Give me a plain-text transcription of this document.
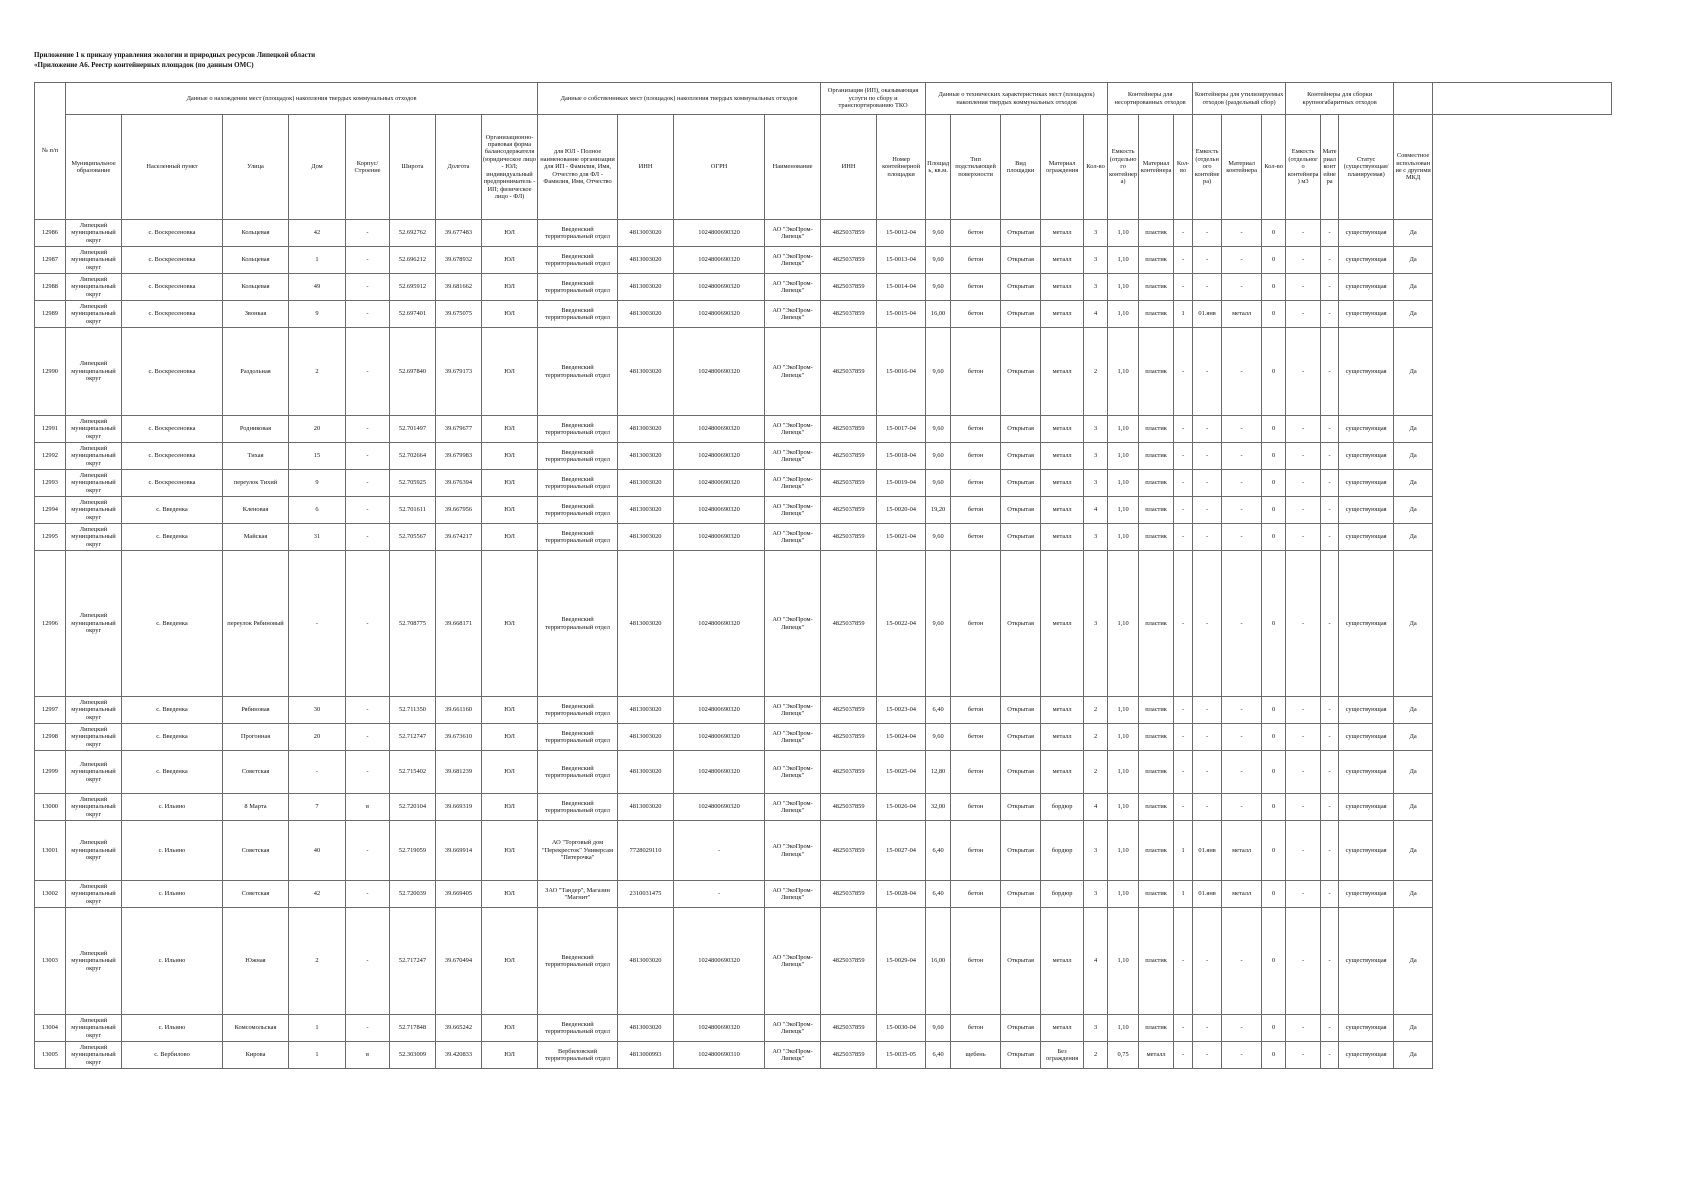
Приложение 1 к приказу управления экологии и природных ресурсов Липецкой области
«Приложение А6. Реестр контейнерных площадок (по данным ОМС)
№ п/п	Данные о нахождении мест (площадок) накопления твердых коммунальных отходов								Данные о собственниках мест (площадок) накопления твердых коммунальных отходов				Организация (ИП), оказывающая услуги по сбору и транспортированию ТКО		Данные о технических характеристиках мест (площадок) накопления твердых коммунальных отходов					Контейнеры для несортированных отходов			Контейнеры для утилизируемых отходов (раздельный сбор)			Контейнеры для сборки крупногабаритных отходов				
	Муниципальное образование	Населенный пункт	Улица	Дом	Корпус/Строение	Широта	Долгота	Организационно-правовая форма балансодержателя (юридическое лицо - ЮЛ; индивидуальный предприниматель - ИП; физическое лицо - ФЛ)	для ЮЛ - Полное наименование организации для ИП - Фамилия, Имя, Отчество для ФЛ - Фамилия, Имя, Отчество	ИНН	ОГРН	Наименование	ИНН	Номер контейнерной площадки	Площадь, кв.м.	Тип подстилающей поверхности	Вид площадки	Материал ограждения	Кол-во	Емкость (отдельного контейнера)	Материал контейнера	Кол-во	Емкость (отдельного контейнера)	Материал контейнера	Кол-во	Емкость (отдельного контейнера) м3	Материал контейнера	Статус (существующая/планируемая)	Совместное использование с другими МКД	
12986	Липецкий муниципальный округ	с. Воскресеновка	Кольцевая	42	-	52.692762	39.677483	ЮЛ	Введенский территориальный отдел	4813003020	1024800690320	АО "ЭкоПром-Липецк"	4825037859	15-0012-04	9,60	бетон	Открытая	металл	3	1,10	пластик	-	-	-	0	-	-	существующая	Да	
12987	Липецкий муниципальный округ	с. Воскресеновка	Кольцевая	1	-	52.696212	39.678932	ЮЛ	Введенский территориальный отдел	4813003020	1024800690320	АО "ЭкоПром-Липецк"	4825037859	15-0013-04	9,60	бетон	Открытая	металл	3	1,10	пластик	-	-	-	0	-	-	существующая	Да	
12988	Липецкий муниципальный округ	с. Воскресеновка	Кольцевая	49	-	52.695912	39.681662	ЮЛ	Введенский территориальный отдел	4813003020	1024800690320	АО "ЭкоПром-Липецк"	4825037859	15-0014-04	9,60	бетон	Открытая	металл	3	1,10	пластик	-	-	-	0	-	-	существующая	Да	
12989	Липецкий муниципальный округ	с. Воскресеновка	Звонкая	9	-	52.697401	39.675075	ЮЛ	Введенский территориальный отдел	4813003020	1024800690320	АО "ЭкоПром-Липецк"	4825037859	15-0015-04	16,00	бетон	Открытая	металл	4	1,10	пластик	1	01.янв	металл	0	-	-	существующая	Да	
12990	Липецкий муниципальный округ	с. Воскресеновка	Раздольная	2	-	52.697840	39.679173	ЮЛ	Введенский территориальный отдел	4813003020	1024800690320	АО "ЭкоПром-Липецк"	4825037859	15-0016-04	9,60	бетон	Открытая	металл	2	1,10	пластик	-	-	-	0	-	-	существующая	Да	
12991	Липецкий муниципальный округ	с. Воскресеновка	Родниковая	20	-	52.701497	39.679677	ЮЛ	Введенский территориальный отдел	4813003020	1024800690320	АО "ЭкоПром-Липецк"	4825037859	15-0017-04	9,60	бетон	Открытая	металл	3	1,10	пластик	-	-	-	0	-	-	существующая	Да	
12992	Липецкий муниципальный округ	с. Воскресеновка	Тихая	15	-	52.702664	39.679983	ЮЛ	Введенский территориальный отдел	4813003020	1024800690320	АО "ЭкоПром-Липецк"	4825037859	15-0018-04	9,60	бетон	Открытая	металл	3	1,10	пластик	-	-	-	0	-	-	существующая	Да	
12993	Липецкий муниципальный округ	с. Воскресеновка	переулок Тихий	9	-	52.705925	39.676394	ЮЛ	Введенский территориальный отдел	4813003020	1024800690320	АО "ЭкоПром-Липецк"	4825037859	15-0019-04	9,60	бетон	Открытая	металл	3	1,10	пластик	-	-	-	0	-	-	существующая	Да	
12994	Липецкий муниципальный округ	с. Введенка	Кленовая	6	-	52.701611	39.667956	ЮЛ	Введенский территориальный отдел	4813003020	1024800690320	АО "ЭкоПром-Липецк"	4825037859	15-0020-04	19,20	бетон	Открытая	металл	4	1,10	пластик	-	-	-	0	-	-	существующая	Да	
12995	Липецкий муниципальный округ	с. Введенка	Майская	31	-	52.705567	39.674217	ЮЛ	Введенский территориальный отдел	4813003020	1024800690320	АО "ЭкоПром-Липецк"	4825037859	15-0021-04	9,60	бетон	Открытая	металл	3	1,10	пластик	-	-	-	0	-	-	существующая	Да	
12996	Липецкий муниципальный округ	с. Введенка	переулок Рябиновый	-	-	52.708775	39.668171	ЮЛ	Введенский территориальный отдел	4813003020	1024800690320	АО "ЭкоПром-Липецк"	4825037859	15-0022-04	9,60	бетон	Открытая	металл	3	1,10	пластик	-	-	-	0	-	-	существующая	Да	
12997	Липецкий муниципальный округ	с. Введенка	Рябиновая	30	-	52.711350	39.661160	ЮЛ	Введенский территориальный отдел	4813003020	1024800690320	АО "ЭкоПром-Липецк"	4825037859	15-0023-04	6,40	бетон	Открытая	металл	2	1,10	пластик	-	-	-	0	-	-	существующая	Да	
12998	Липецкий муниципальный округ	с. Введенка	Прогонная	20	-	52.712747	39.673610	ЮЛ	Введенский территориальный отдел	4813003020	1024800690320	АО "ЭкоПром-Липецк"	4825037859	15-0024-04	9,60	бетон	Открытая	металл	2	1,10	пластик	-	-	-	0	-	-	существующая	Да	
12999	Липецкий муниципальный округ	с. Введенка	Советская	-	-	52.715402	39.681239	ЮЛ	Введенский территориальный отдел	4813003020	1024800690320	АО "ЭкоПром-Липецк"	4825037859	15-0025-04	12,80	бетон	Открытая	металл	2	1,10	пластик	-	-	-	0	-	-	существующая	Да	
13000	Липецкий муниципальный округ	с. Ильино	8 Марта	7	в	52.720104	39.669319	ЮЛ	Введенский территориальный отдел	4813003020	1024800690320	АО "ЭкоПром-Липецк"	4825037859	15-0026-04	32,00	бетон	Открытая	бордюр	4	1,10	пластик	-	-	-	0	-	-	существующая	Да	
13001	Липецкий муниципальный округ	с. Ильино	Советская	40	-	52.719059	39.669914	ЮЛ	АО "Торговый дом "Перекресток" Универсам "Пятерочка"	7728029110	-	АО "ЭкоПром-Липецк"	4825037859	15-0027-04	6,40	бетон	Открытая	бордюр	3	1,10	пластик	1	01.янв	металл	0	-	-	существующая	Да	
13002	Липецкий муниципальный округ	с. Ильино	Советская	42	-	52.720039	39.669405	ЮЛ	ЗАО "Тандер", Магазин "Магнит"	2310031475	-	АО "ЭкоПром-Липецк"	4825037859	15-0028-04	6,40	бетон	Открытая	бордюр	3	1,10	пластик	1	01.янв	металл	0	-	-	существующая	Да	
13003	Липецкий муниципальный округ	с. Ильино	Южная	2	-	52.717247	39.670494	ЮЛ	Введенский территориальный отдел	4813003020	1024800690320	АО "ЭкоПром-Липецк"	4825037859	15-0029-04	16,00	бетон	Открытая	металл	4	1,10	пластик	-	-	-	0	-	-	существующая	Да	
13004	Липецкий муниципальный округ	с. Ильино	Комсомольская	1	-	52.717848	39.665242	ЮЛ	Введенский территориальный отдел	4813003020	1024800690320	АО "ЭкоПром-Липецк"	4825037859	15-0030-04	9,60	бетон	Открытая	металл	3	1,10	пластик	-	-	-	0	-	-	существующая	Да	
13005	Липецкий муниципальный округ	с. Вербилово	Кирова	1	в	52.303009	39.420833	ЮЛ	Вербиловский территориальный отдел	4813000993	1024800690310	АО "ЭкоПром-Липецк"	4825037859	15-0035-05	6,40	щебень	Открытая	Без ограждения	2	0,75	металл	-	-	-	0	-	-	существующая	Да	
